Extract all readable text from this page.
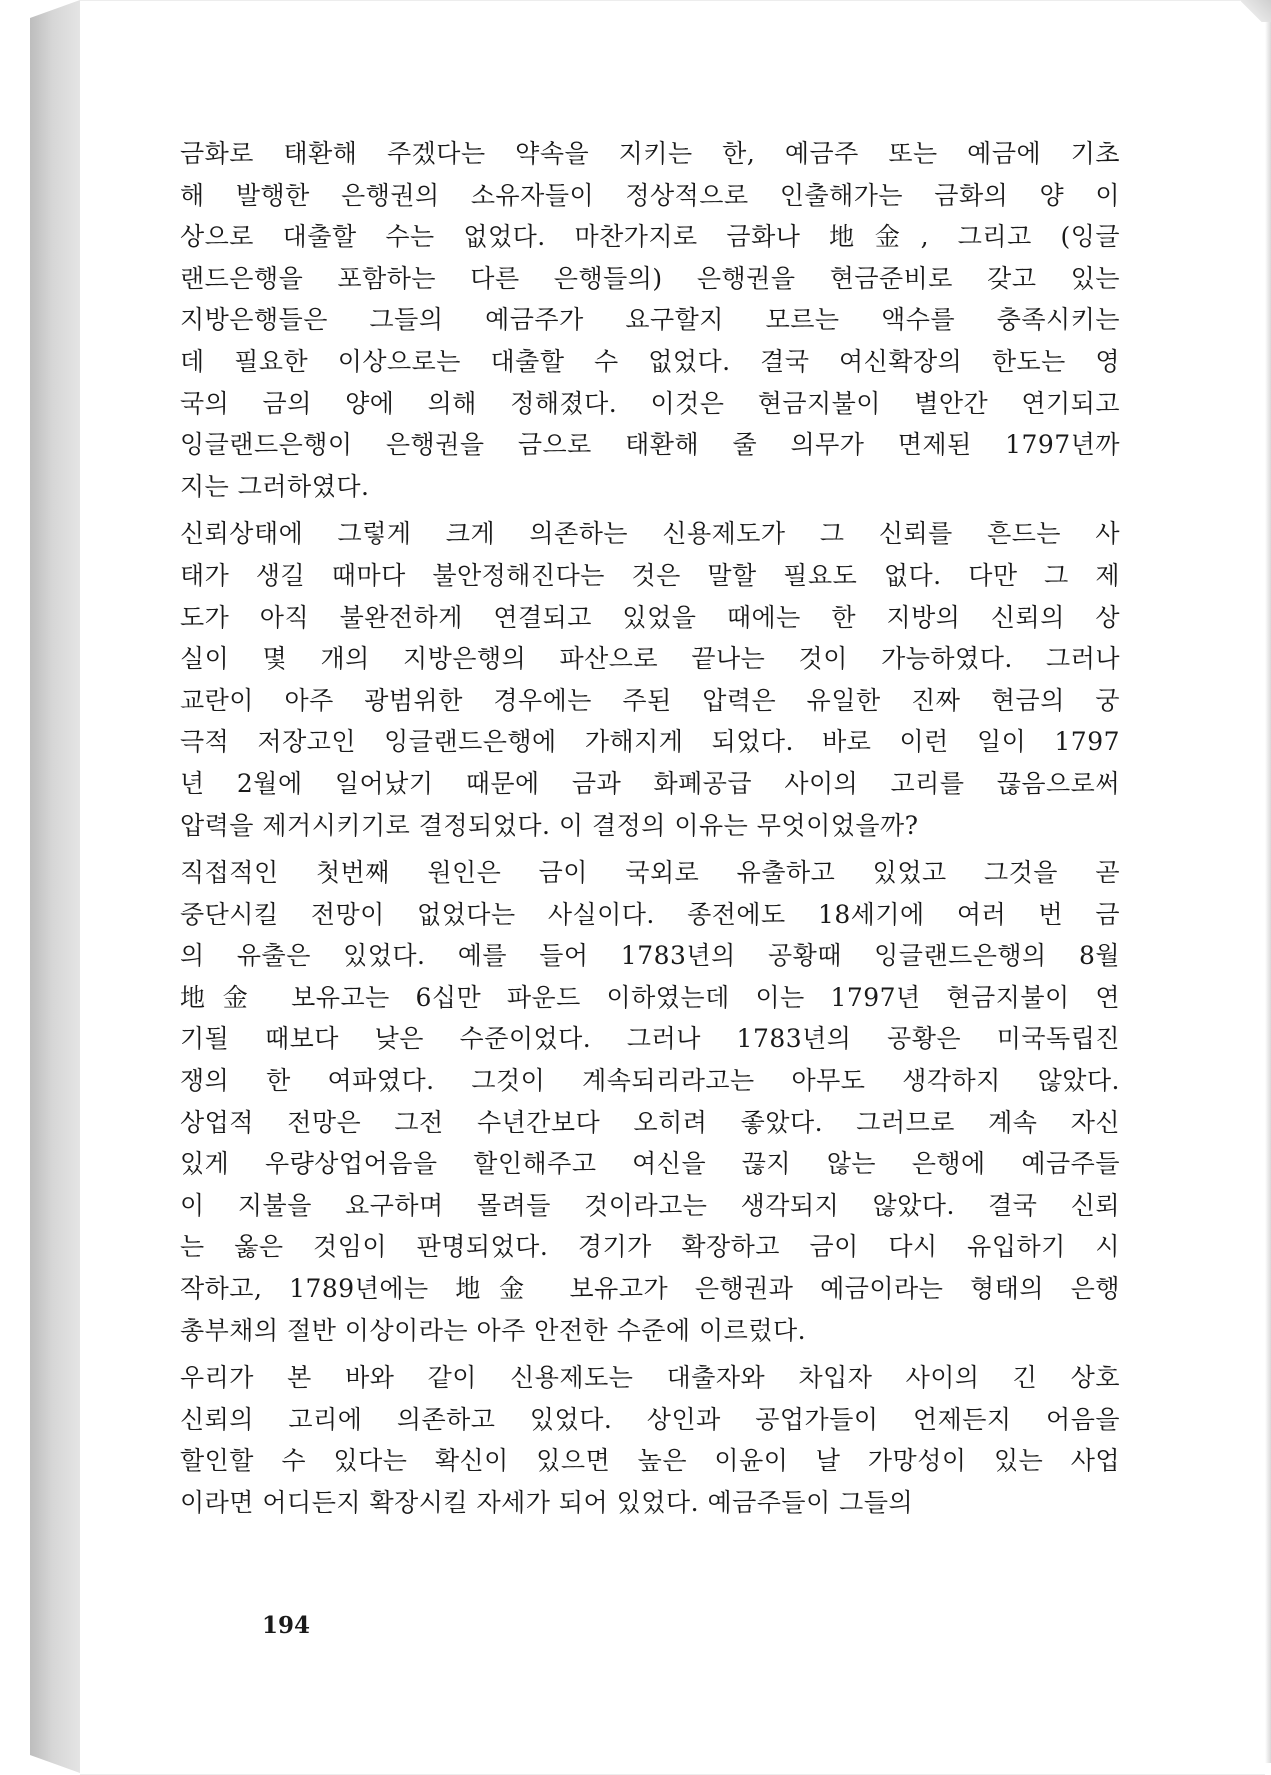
금화로 태환해 주겠다는 약속을 지키는 한, 예금주 또는 예금에 기초
해 발행한 은행권의 소유자들이 정상적으로 인출해가는 금화의 양 이
상으로 대출할 수는 없었다. 마찬가지로 금화나 地金, 그리고 (잉글
랜드은행을 포함하는 다른 은행들의) 은행권을 현금준비로 갖고 있는
지방은행들은 그들의 예금주가 요구할지 모르는 액수를 충족시키는
데 필요한 이상으로는 대출할 수 없었다. 결국 여신확장의 한도는 영
국의 금의 양에 의해 정해졌다. 이것은 현금지불이 별안간 연기되고
잉글랜드은행이 은행권을 금으로 태환해 줄 의무가 면제된 1797년까
지는 그러하였다.
신뢰상태에 그렇게 크게 의존하는 신용제도가 그 신뢰를 흔드는 사
태가 생길 때마다 불안정해진다는 것은 말할 필요도 없다. 다만 그 제
도가 아직 불완전하게 연결되고 있었을 때에는 한 지방의 신뢰의 상
실이 몇 개의 지방은행의 파산으로 끝나는 것이 가능하였다. 그러나
교란이 아주 광범위한 경우에는 주된 압력은 유일한 진짜 현금의 궁
극적 저장고인 잉글랜드은행에 가해지게 되었다. 바로 이런 일이 1797
년 2월에 일어났기 때문에 금과 화폐공급 사이의 고리를 끊음으로써
압력을 제거시키기로 결정되었다. 이 결정의 이유는 무엇이었을까?
직접적인 첫번째 원인은 금이 국외로 유출하고 있었고 그것을 곧
중단시킬 전망이 없었다는 사실이다. 종전에도 18세기에 여러 번 금
의 유출은 있었다. 예를 들어 1783년의 공황때 잉글랜드은행의 8월
地金 보유고는 6십만 파운드 이하였는데 이는 1797년 현금지불이 연
기될 때보다 낮은 수준이었다. 그러나 1783년의 공황은 미국독립진
쟁의 한 여파였다. 그것이 계속되리라고는 아무도 생각하지 않았다.
상업적 전망은 그전 수년간보다 오히려 좋았다. 그러므로 계속 자신
있게 우량상업어음을 할인해주고 여신을 끊지 않는 은행에 예금주들
이 지불을 요구하며 몰려들 것이라고는 생각되지 않았다. 결국 신뢰
는 옳은 것임이 판명되었다. 경기가 확장하고 금이 다시 유입하기 시
작하고, 1789년에는 地金 보유고가 은행권과 예금이라는 형태의 은행
총부채의 절반 이상이라는 아주 안전한 수준에 이르렀다.
우리가 본 바와 같이 신용제도는 대출자와 차입자 사이의 긴 상호
신뢰의 고리에 의존하고 있었다. 상인과 공업가들이 언제든지 어음을
할인할 수 있다는 확신이 있으면 높은 이윤이 날 가망성이 있는 사업
이라면 어디든지 확장시킬 자세가 되어 있었다. 예금주들이 그들의
194
